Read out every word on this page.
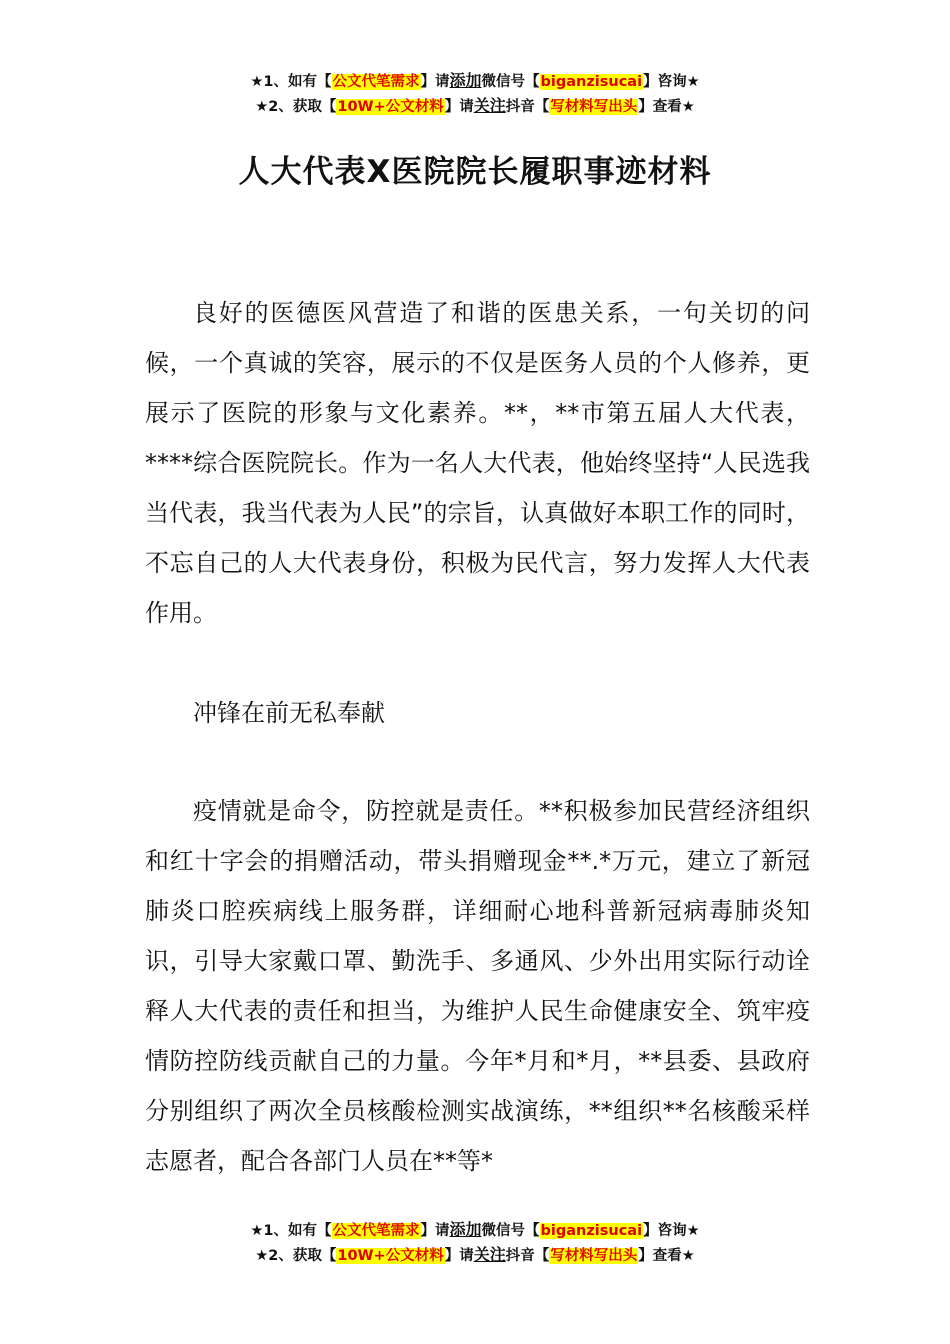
★1、如有【公文代笔需求】请添加微信号【biganzisucai】咨询★
★2、获取【10W+公文材料】请关注抖音【写材料写出头】查看★
人大代表X医院院长履职事迹材料

良好的医德医风营造了和谐的医患关系，一句关切的问候，一个真诚的笑容，展示的不仅是医务人员的个人修养，更展示了医院的形象与文化素养。**，**市第五届人大代表，****综合医院院长。作为一名人大代表，他始终坚持“人民选我当代表，我当代表为人民”的宗旨，认真做好本职工作的同时，不忘自己的人大代表身份，积极为民代言，努力发挥人大代表作用。

冲锋在前无私奉献

疫情就是命令，防控就是责任。**积极参加民营经济组织和红十字会的捐赠活动，带头捐赠现金**.*万元，建立了新冠肺炎口腔疾病线上服务群，详细耐心地科普新冠病毒肺炎知识，引导大家戴口罩、勤洗手、多通风、少外出用实际行动诠释人大代表的责任和担当，为维护人民生命健康安全、筑牢疫情防控防线贡献自己的力量。今年*月和*月，**县委、县政府分别组织了两次全员核酸检测实战演练，**组织**名核酸采样志愿者，配合各部门人员在**等*

★1、如有【公文代笔需求】请添加微信号【biganzisucai】咨询★
★2、获取【10W+公文材料】请关注抖音【写材料写出头】查看★
